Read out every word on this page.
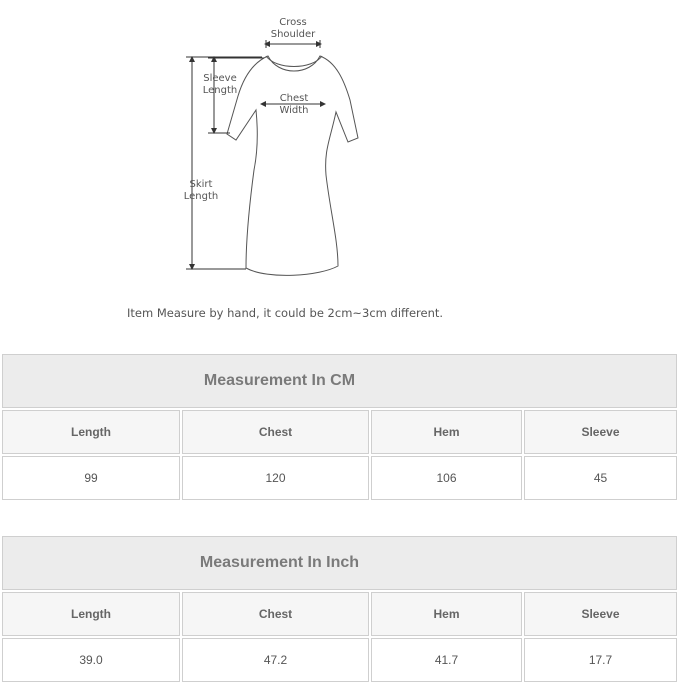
Cross
Shoulder
Sleeve
Length
Chest
Width
Skirt
Length
Item Measure by hand, it could be 2cm~3cm different.
Measurement In CM			
Length	Chest	Hem	Sleeve
99	120	106	45
Measurement In Inch			
Length	Chest	Hem	Sleeve
39.0	47.2	41.7	17.7
